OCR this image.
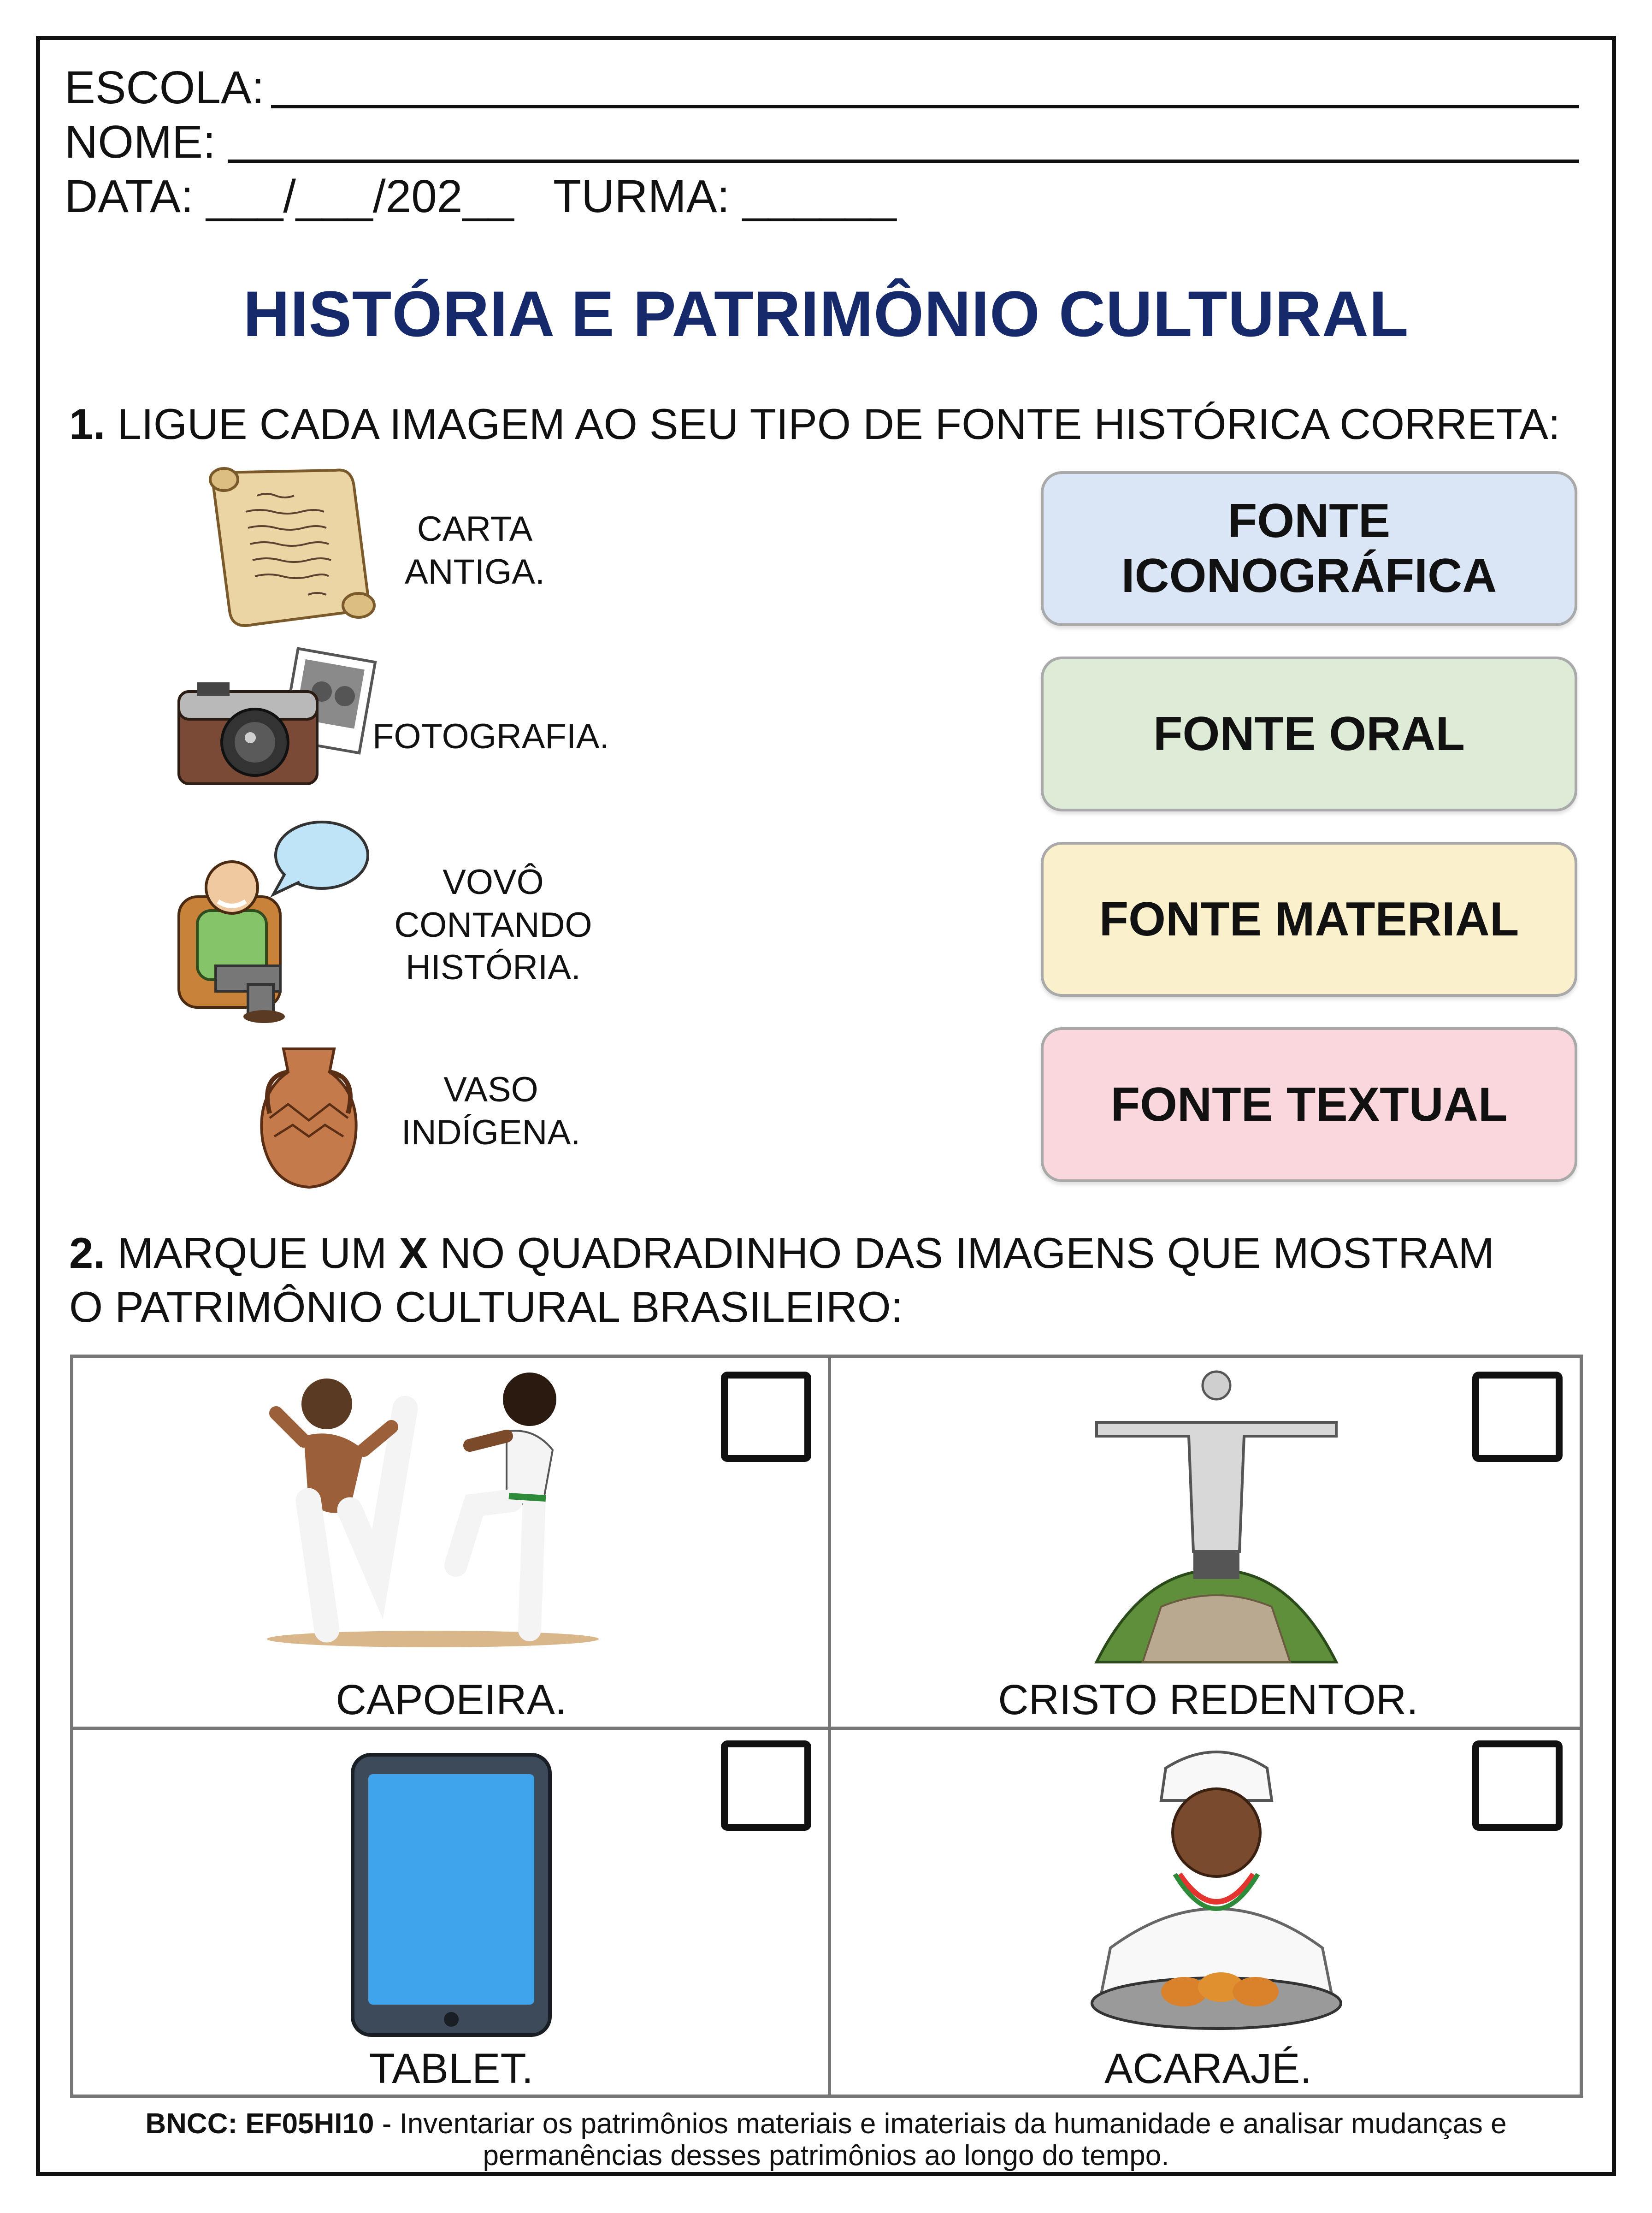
ESCOLA:
NOME:
DATA: ___/___/202__ TURMA: ______
HISTÓRIA E PATRIMÔNIO CULTURAL
1. LIGUE CADA IMAGEM AO SEU TIPO DE FONTE HISTÓRICA CORRETA:
CARTA
ANTIGA.
FOTOGRAFIA.
VOVÔ
CONTANDO
HISTÓRIA.
VASO
INDÍGENA.
FONTE
ICONOGRÁFICA
FONTE ORAL
FONTE MATERIAL
FONTE TEXTUAL
2. MARQUE UM X NO QUADRADINHO DAS IMAGENS QUE MOSTRAM
O PATRIMÔNIO CULTURAL BRASILEIRO:
CAPOEIRA.	CRISTO REDENTOR.
TABLET.	ACARAJÉ.
BNCC: EF05HI10 - Inventariar os patrimônios materiais e imateriais da humanidade e analisar mudanças e
permanências desses patrimônios ao longo do tempo.
